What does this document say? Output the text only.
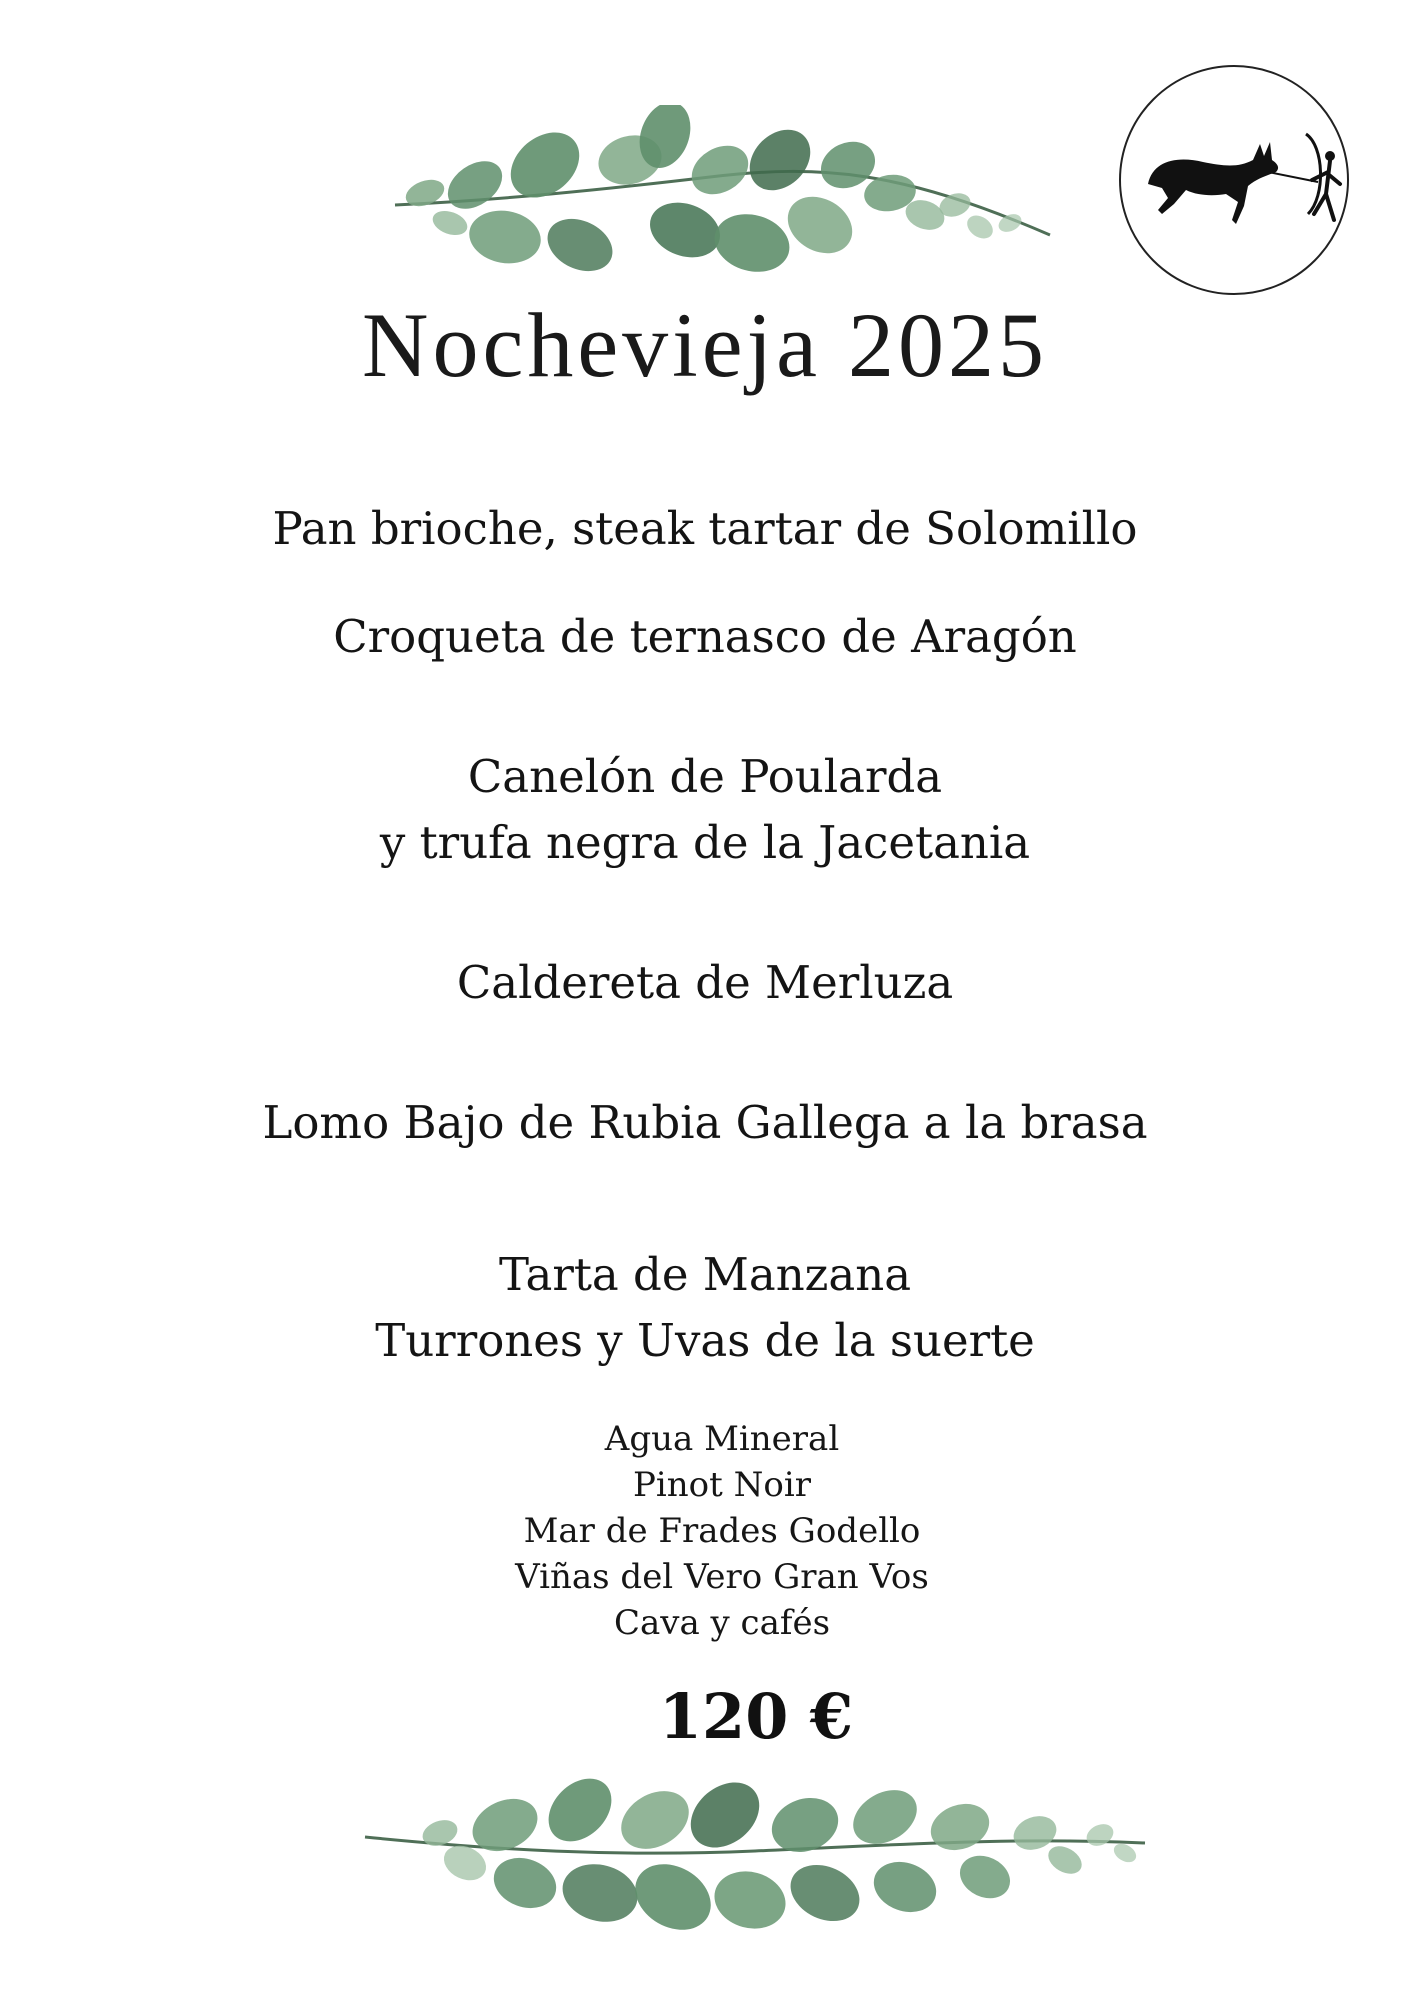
Nochevieja 2025
Pan brioche, steak tartar de Solomillo
Croqueta de ternasco de Aragón
Canelón de Poularda
y trufa negra de la Jacetania
Caldereta de Merluza
Lomo Bajo de Rubia Gallega a la brasa
Tarta de Manzana
Turrones y Uvas de la suerte
Agua Mineral
Pinot Noir
Mar de Frades Godello
Viñas del Vero Gran Vos
Cava y cafés
120 €
